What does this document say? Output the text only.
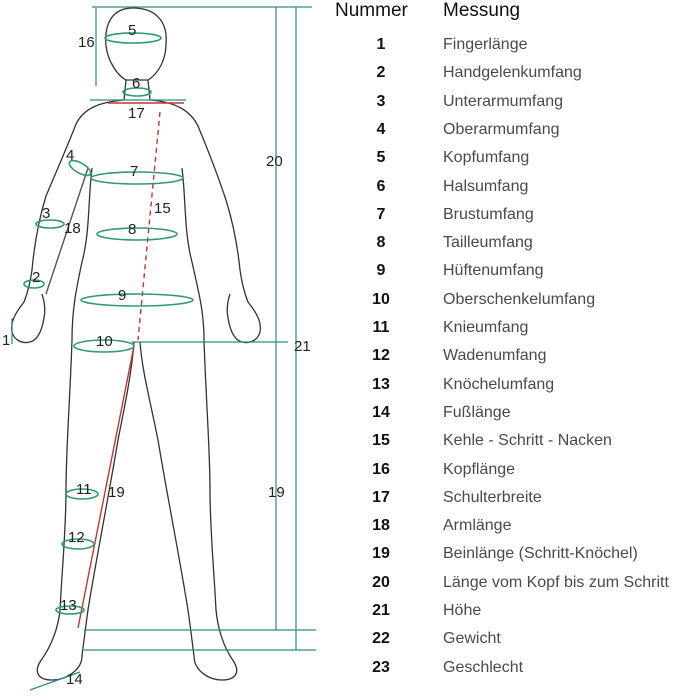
1
2
3
4
5
6
7
8
9
10
11
12
13
14
15
16
17
18
19	19
20
21
Nummer Messung
1	Fingerlänge
2	Handgelenkumfang
3	Unterarmumfang
4	Oberarmumfang
5	Kopfumfang
6	Halsumfang
7	Brustumfang
8	Tailleumfang
9	Hüftenumfang
10	Oberschenkelumfang
11	Knieumfang
12	Wadenumfang
13	Knöchelumfang
14	Fußlänge
15	Kehle - Schritt - Nacken
16	Kopflänge
17	Schulterbreite
18	Armlänge
19	Beinlänge (Schritt-Knöchel)
20	Länge vom Kopf bis zum Schritt
21	Höhe
22	Gewicht
23	Geschlecht
